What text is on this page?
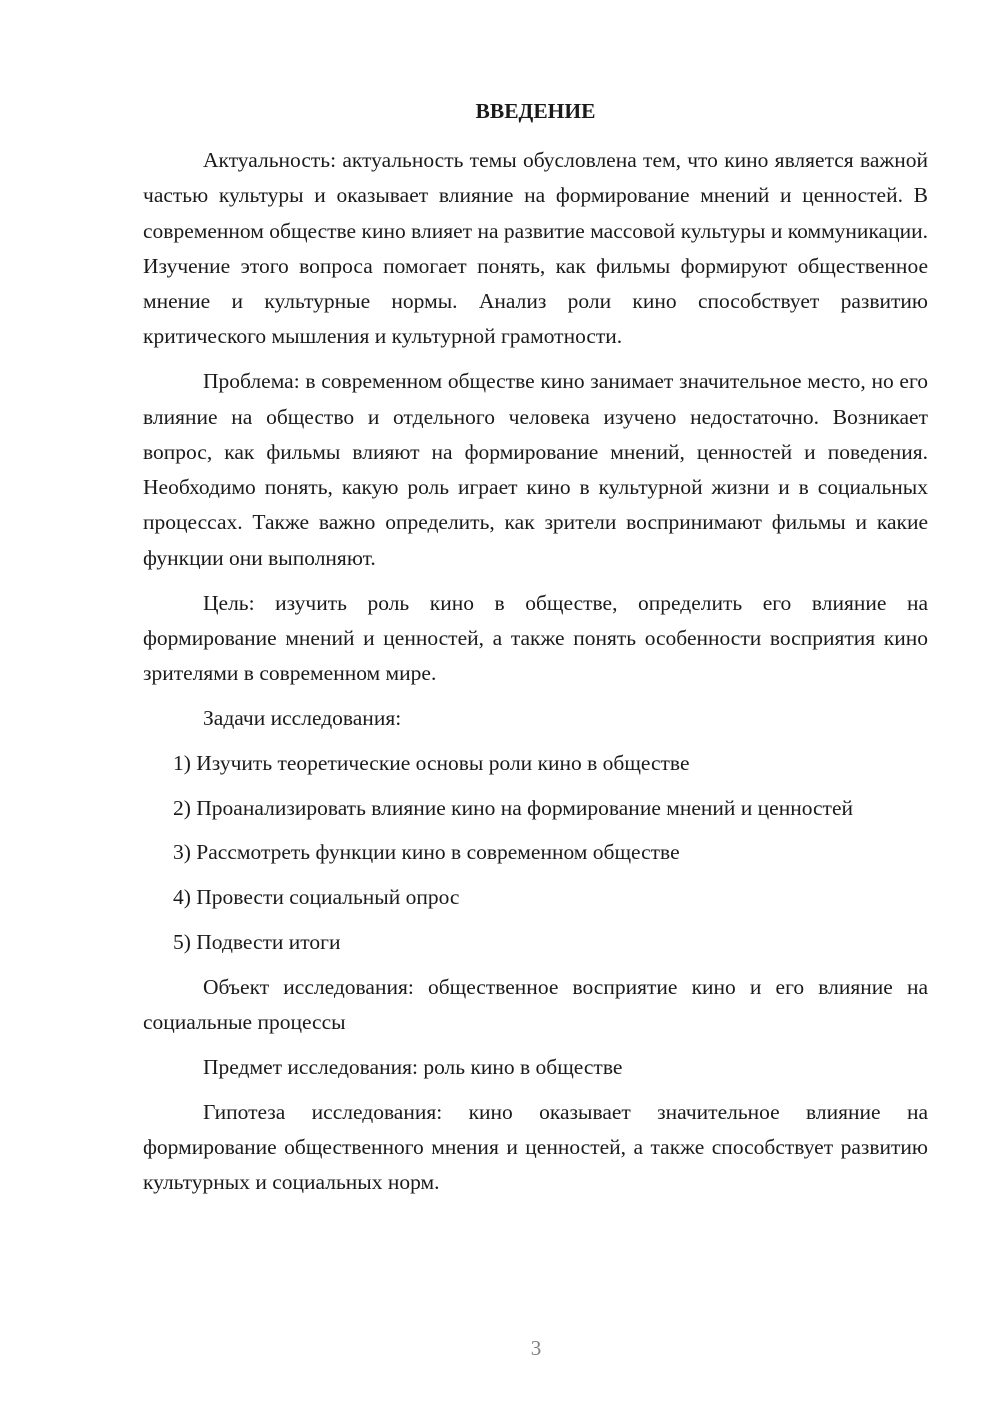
ВВЕДЕНИЕ

Актуальность: актуальность темы обусловлена тем, что кино является важной частью культуры и оказывает влияние на формирование мнений и ценностей. В современном обществе кино влияет на развитие массовой культуры и коммуникации. Изучение этого вопроса помогает понять, как фильмы формируют общественное мнение и культурные нормы. Анализ роли кино способствует развитию критического мышления и культурной грамотности.

Проблема: в современном обществе кино занимает значительное место, но его влияние на общество и отдельного человека изучено недостаточно. Возникает вопрос, как фильмы влияют на формирование мнений, ценностей и поведения. Необходимо понять, какую роль играет кино в культурной жизни и в социальных процессах. Также важно определить, как зрители воспринимают фильмы и какие функции они выполняют.

Цель: изучить роль кино в обществе, определить его влияние на формирование мнений и ценностей, а также понять особенности восприятия кино зрителями в современном мире.

Задачи исследования:

1) Изучить теоретические основы роли кино в обществе

2) Проанализировать влияние кино на формирование мнений и ценностей

3) Рассмотреть функции кино в современном обществе

4) Провести социальный опрос

5) Подвести итоги

Объект исследования: общественное восприятие кино и его влияние на социальные процессы

Предмет исследования: роль кино в обществе

Гипотеза исследования: кино оказывает значительное влияние на формирование общественного мнения и ценностей, а также способствует развитию культурных и социальных норм.

3
